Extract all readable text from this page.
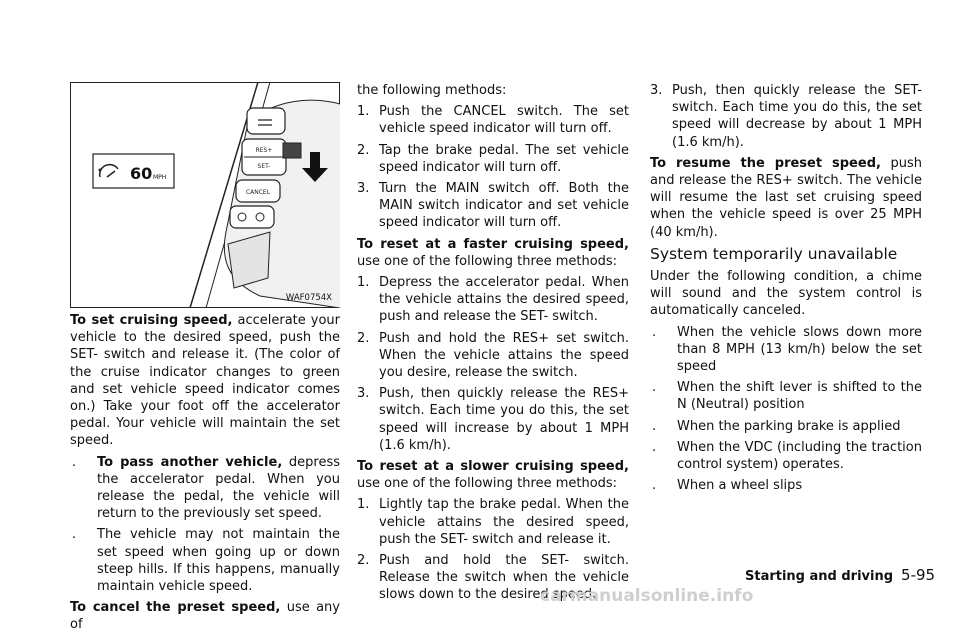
RES+
SET-
CANCEL
60 MPH
WAF0754X

To set cruising speed, accelerate your vehicle to the desired speed, push the SET- switch and release it. (The color of the cruise indicator changes to green and set vehicle speed indicator comes on.) Take your foot off the accelerator pedal. Your vehicle will maintain the set speed.

. To pass another vehicle, depress the accelerator pedal. When you release the pedal, the vehicle will return to the previously set speed.
. The vehicle may not maintain the set speed when going up or down steep hills. If this happens, manually maintain vehicle speed.

To cancel the preset speed, use any of

the following methods:

1. Push the CANCEL switch. The set vehicle speed indicator will turn off.
2. Tap the brake pedal. The set vehicle speed indicator will turn off.
3. Turn the MAIN switch off. Both the MAIN switch indicator and set vehicle speed indicator will turn off.

To reset at a faster cruising speed, use one of the following three methods:

1. Depress the accelerator pedal. When the vehicle attains the desired speed, push and release the SET- switch.
2. Push and hold the RES+ set switch. When the vehicle attains the speed you desire, release the switch.
3. Push, then quickly release the RES+ switch. Each time you do this, the set speed will increase by about 1 MPH (1.6 km/h).

To reset at a slower cruising speed, use one of the following three methods:

1. Lightly tap the brake pedal. When the vehicle attains the desired speed, push the SET- switch and release it.
2. Push and hold the SET- switch. Release the switch when the vehicle slows down to the desired speed.
3. Push, then quickly release the SET- switch. Each time you do this, the set speed will decrease by about 1 MPH (1.6 km/h).

To resume the preset speed, push and release the RES+ switch. The vehicle will resume the last set cruising speed when the vehicle speed is over 25 MPH (40 km/h).

System temporarily unavailable

Under the following condition, a chime will sound and the system control is automatically canceled.

. When the vehicle slows down more than 8 MPH (13 km/h) below the set speed
. When the shift lever is shifted to the N (Neutral) position
. When the parking brake is applied
. When the VDC (including the traction control system) operates.
. When a wheel slips
Starting and driving 5-95
carmanualsonline.info
